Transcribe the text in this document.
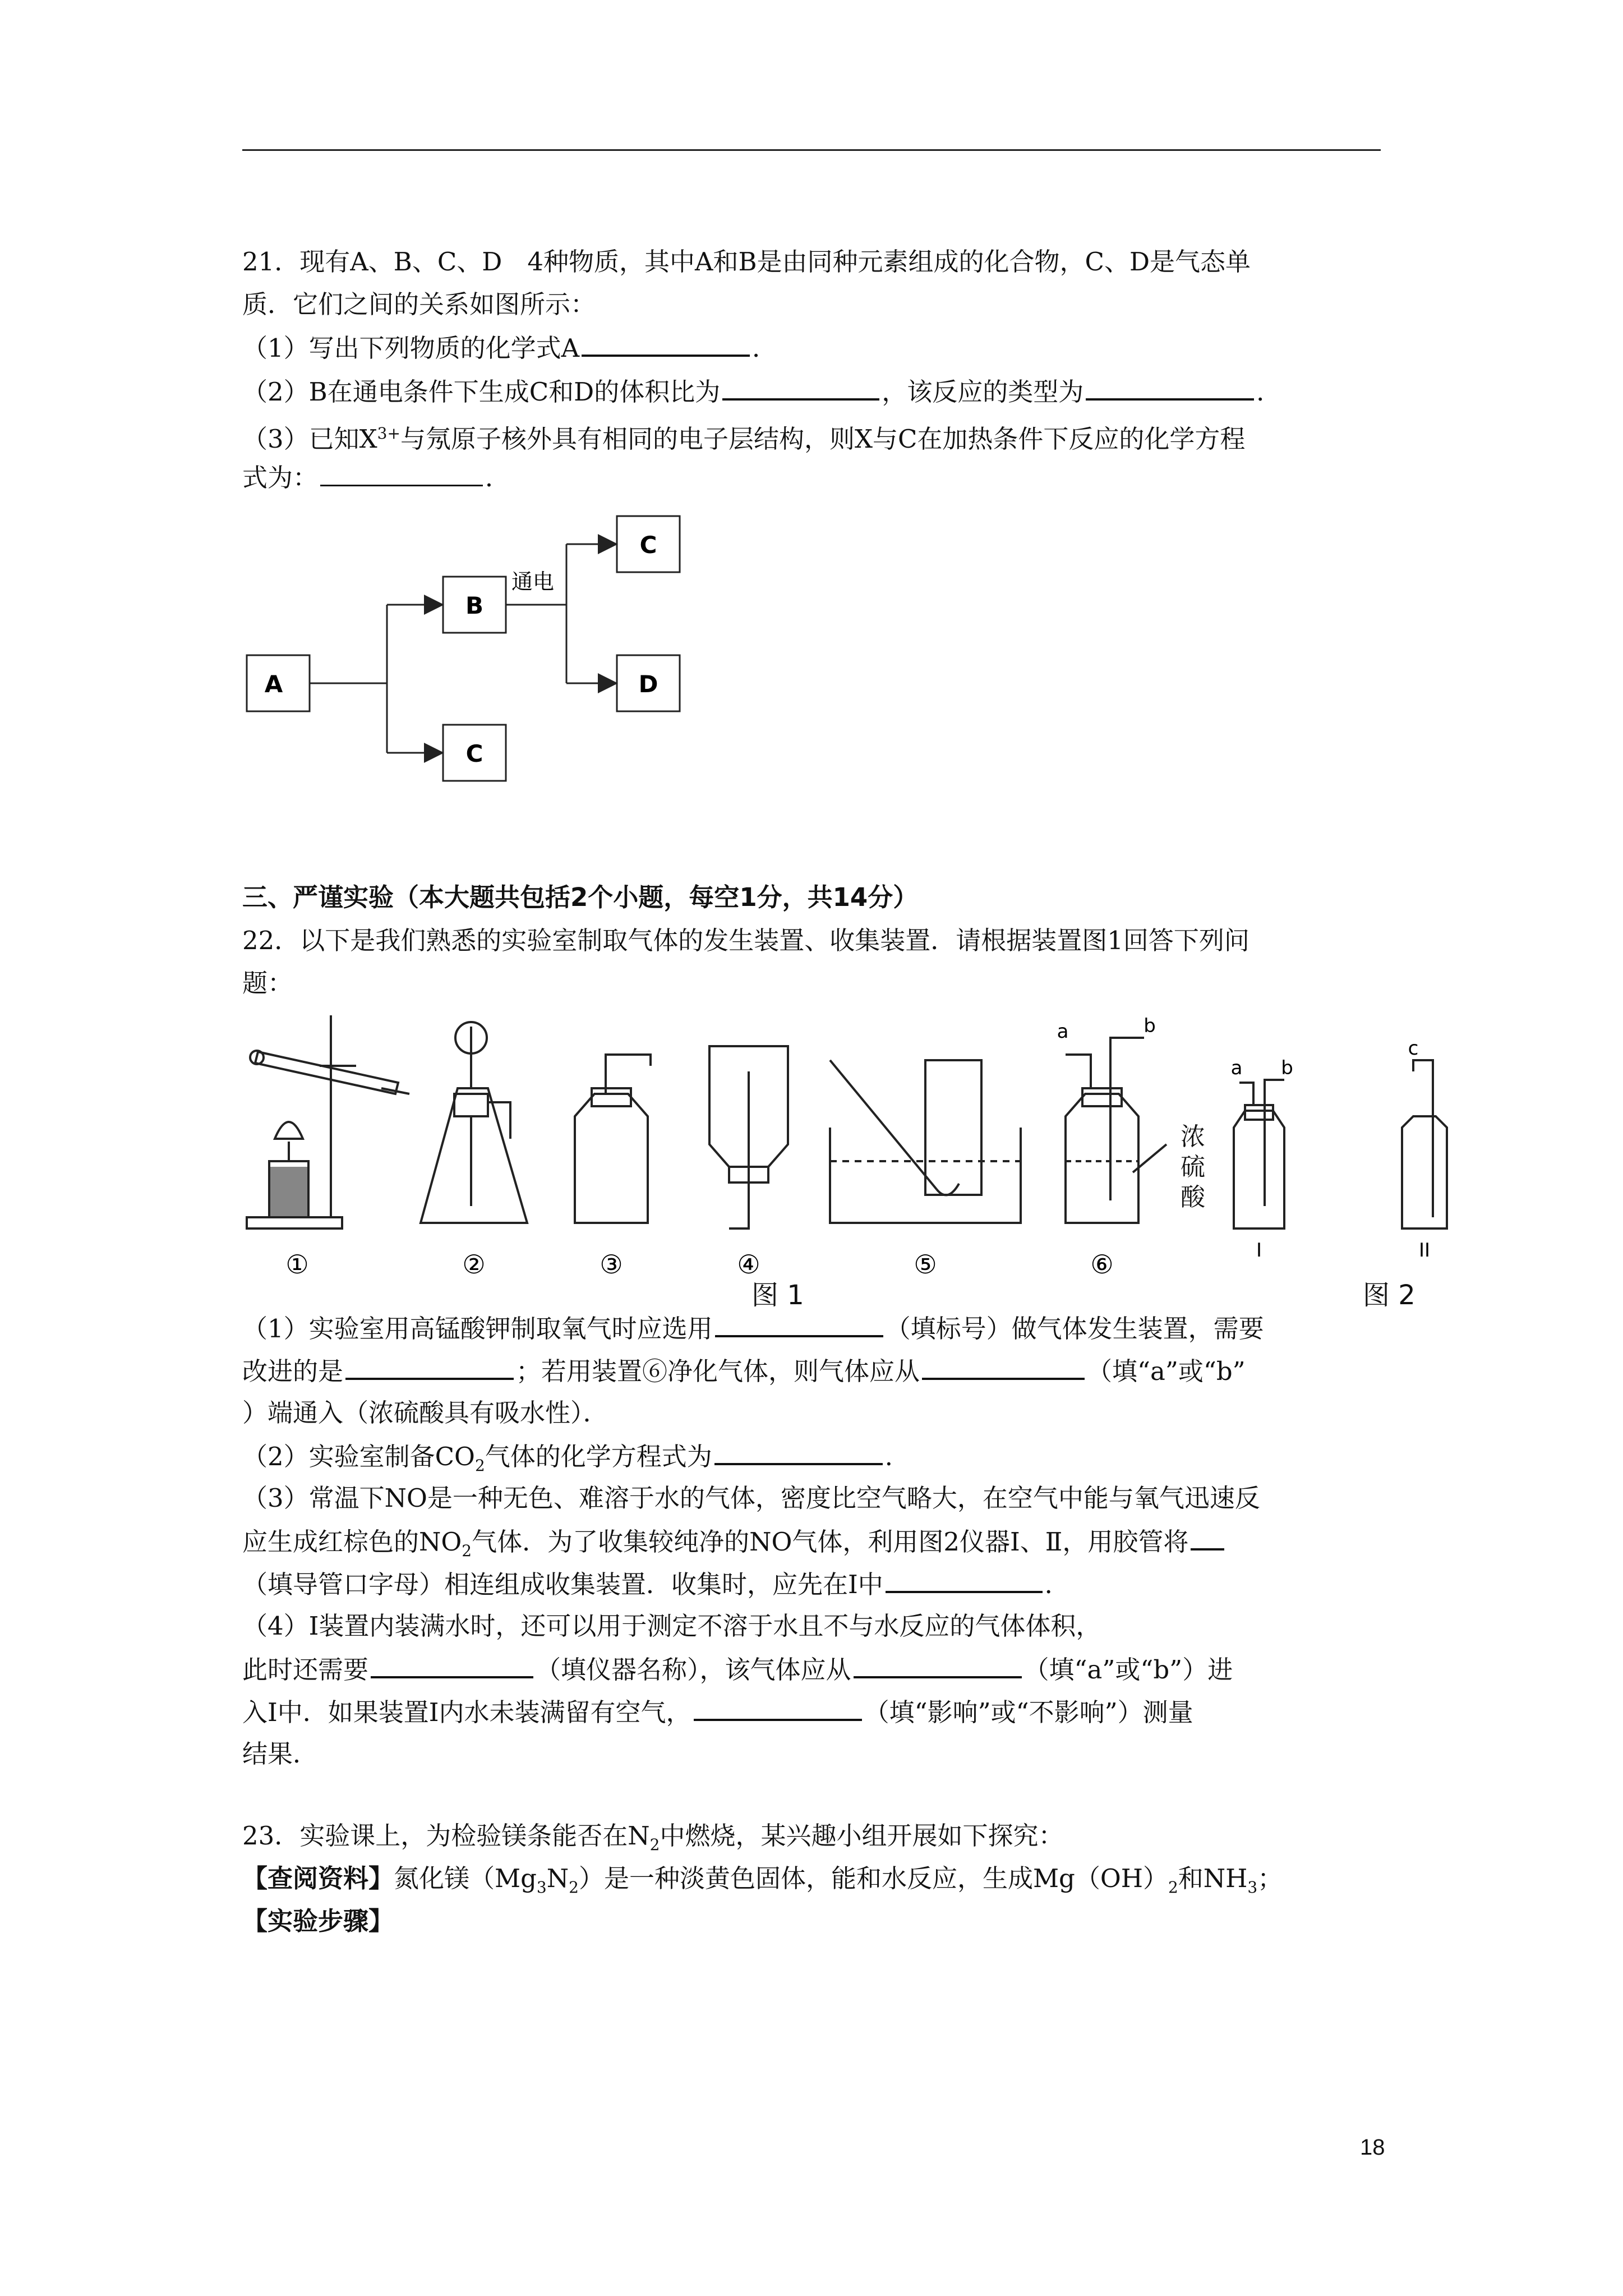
21．现有A、B、C、D　4种物质，其中A和B是由同种元素组成的化合物，C、D是气态单
质．它们之间的关系如图所示：
（1）写出下列物质的化学式A	．
（2）B在通电条件下生成C和D的体积比为	，该反应的类型为	．
（3）已知$X^{3+}$与氖原子核外具有相同的电子层结构，则X与C在加热条件下反应的化学方程
式为：	．
A
B
C
D
C
通电
三、严谨实验（本大题共包括2个小题，每空1分，共14分）
22．以下是我们熟悉的实验室制取气体的发生装置、收集装置．请根据装置图1回答下列问
题：
①	②	③	④	⑤	⑥
a	b
a b
c
I	II
浓硫酸
图 1	图 2
（1）实验室用高锰酸钾制取氧气时应选用	（填标号）做气体发生装置，需要
改进的是	；若用装置⑥净化气体，则气体应从	（填“a”或“b”
）端通入（浓硫酸具有吸水性）．
（2）实验室制备$CO_2$气体的化学方程式为	．
（3）常温下NO是一种无色、难溶于水的气体，密度比空气略大，在空气中能与氧气迅速反
应生成红棕色的$NO_2$气体．为了收集较纯净的NO气体，利用图2仪器Ⅰ、Ⅱ，用胶管将
（填导管口字母）相连组成收集装置．收集时，应先在Ⅰ中	．
（4）Ⅰ装置内装满水时，还可以用于测定不溶于水且不与水反应的气体体积，
此时还需要	（填仪器名称），该气体应从	（填“a”或“b”）进
入Ⅰ中．如果装置Ⅰ内水未装满留有空气，	（填“影响”或“不影响”）测量
结果．
23．实验课上，为检验镁条能否在$N_2$中燃烧，某兴趣小组开展如下探究：
【查阅资料】氮化镁$(Mg_3N_2)$是一种淡黄色固体，能和水反应，生成$Mg(OH)_2$和$NH_3$；
【实验步骤】
18
